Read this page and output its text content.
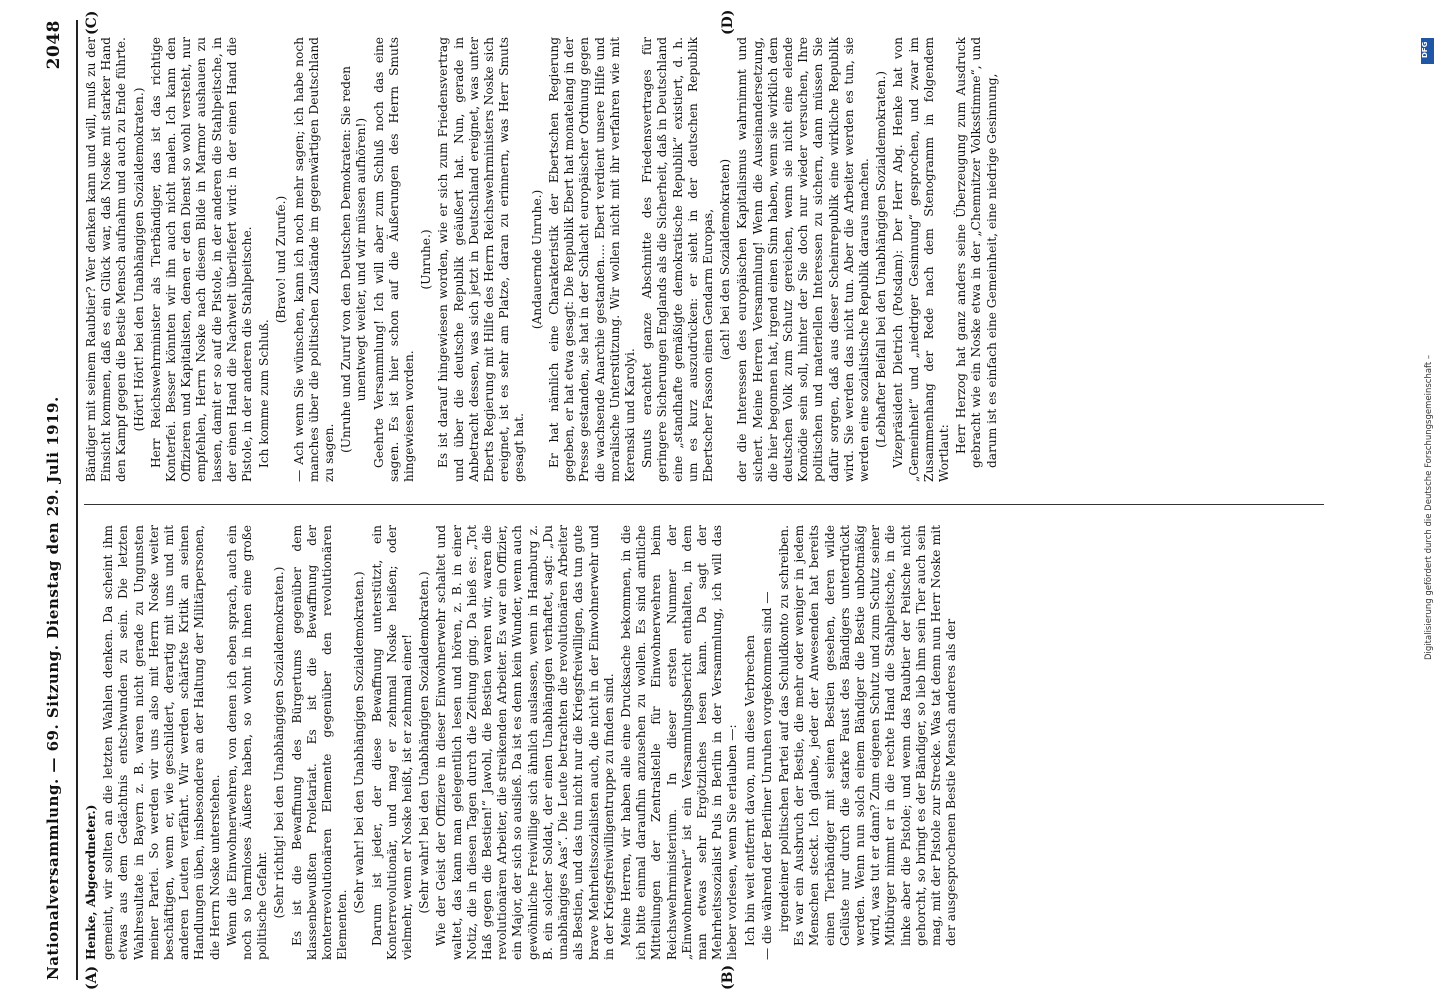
Nationalversammlung. — 69. Sitzung. Dienstag den 29. Juli 1919.
2048
(A)	(B)
(C)	(D)

Henke, Abgeordneter.) gemeint, wir sollten an die letzten Wahlen denken. Da scheint ihm etwas aus dem Gedächtnis entschwunden zu sein. Die letzten Wahlresultate in Bayern z. B. waren nicht gerade zu Ungunsten meiner Partei. So werden wir uns also mit Herrn Noske weiter beschäftigen, wenn er, wie geschildert, derartig mit uns und mit anderen Leuten verfährt. Wir werden schärfste Kritik an seinen Handlungen üben, insbesondere an der Haltung der Militärpersonen, die Herrn Noske unterstehen. Wenn die Einwohnerwehren, von denen ich eben sprach, auch ein noch so harmloses Äußere haben, so wohnt in ihnen eine große politische Gefahr. (Sehr richtig! bei den Unabhängigen Sozialdemokraten.) Es ist die Bewaffnung des Bürgertums gegenüber dem klassenbewußten Proletariat. Es ist die Bewaffnung der konterrevolutionären Elemente gegenüber den revolutionären Elementen.

(Sehr wahr! bei den Unabhängigen Sozialdemokraten.) Darum ist jeder, der diese Bewaffnung unterstützt, ein Konterrevolutionär, und mag er zehnmal Noske heißen; oder vielmehr, wenn er Noske heißt, ist er zehnmal einer! (Sehr wahr! bei den Unabhängigen Sozialdemokraten.) Wie der Geist der Offiziere in dieser Einwohnerwehr schaltet und waltet, das kann man gelegentlich lesen und hören, z. B. in einer Notiz, die in diesen Tagen durch die Zeitung ging. Da hieß es: „Tot Haß gegen die Bestien!“ Jawohl, die Bestien waren wir, waren die revolutionären Arbeiter, die streikenden Arbeiter. Es war ein Offizier, ein Major, der sich so ausließ. Da ist es denn kein Wunder, wenn auch gewöhnliche Freiwillige sich ähnlich auslassen, wenn in Hamburg z. B. ein solcher Soldat, der einen Unabhängigen verhaftet, sagt: „Du unabhängiges Aas“. Die Leute betrachten die revolutionären Arbeiter als Bestien, und das tun nicht nur die Kriegsfreiwilligen, das tun gute brave Mehrheitssozialisten auch, die nicht in der Einwohnerwehr und in der Kriegsfreiwilligentruppe zu finden sind. Meine Herren, wir haben alle eine Drucksache bekommen, in die ich bitte einmal daraufhin anzusehen zu wollen. Es sind amtliche Mitteilungen der Zentralstelle für Einwohnerwehren beim Reichswehrministerium. In dieser ersten Nummer der „Einwohnerwehr“ ist ein Versammlungsbericht enthalten, in dem man etwas sehr Ergötzliches lesen kann. Da sagt der Mehrheitssozialist Puls in Berlin in der Versammlung, ich will das lieber vorlesen, wenn Sie erlauben —: Ich bin weit entfernt davon, nun diese Verbrechen — die während der Berliner Unruhen vorgekommen sind — irgendeiner politischen Partei auf das Schuldkonto zu schreiben. Es war ein Ausbruch der Bestie, die mehr oder weniger in jedem Menschen steckt. Ich glaube, jeder der Anwesenden hat bereits einen Tierbändiger mit seinen Bestien gesehen, deren wilde Gelüste nur durch die starke Faust des Bändigers unterdrückt werden. Wenn nun solch einem Bändiger die Bestie unbotmäßig wird, was tut er dann? Zum eigenen Schutz und zum Schutz seiner Mitbürger nimmt er in die rechte Hand die Stahlpeitsche, in die linke aber die Pistole; und wenn das Raubtier der Peitsche nicht gehorcht, so bringt es der Bändiger, so lieb ihm sein Tier auch sein mag, mit der Pistole zur Strecke. Was tat denn nun Herr Noske mit der ausgesprochenen Bestie Mensch anderes als der

Bändiger mit seinem Raubtier? Wer denken kann und will, muß zu der Einsicht kommen, daß es ein Glück war, daß Noske mit starker Hand den Kampf gegen die Bestie Mensch aufnahm und auch zu Ende führte. (Hört! Hört! bei den Unabhängigen Sozialdemokraten.) Herr Reichswehrminister als Tierbändiger, das ist das richtige Konterfei. Besser könnten wir ihn auch nicht malen. Ich kann den Offizieren und Kapitalisten, denen er den Dienst so wohl versteht, nur empfehlen, Herrn Noske nach diesem Bilde in Marmor aushauen zu lassen, damit er so auf die Pistole, in der anderen die Stahlpeitsche, in der einen Hand die Nachwelt überliefert wird: in der einen Hand die Pistole, in der anderen die Stahlpeitsche. Ich komme zum Schluß.

(Bravo! und Zurufe.) — Ach wenn Sie wünschen, kann ich noch mehr sagen; ich habe noch manches über die politischen Zustände im gegenwärtigen Deutschland zu sagen. (Unruhe und Zuruf von den Deutschen Demokraten: Sie reden unentwegt weiter, und wir müssen aufhören!) Geehrte Versammlung! Ich will aber zum Schluß noch das eine sagen. Es ist hier schon auf die Äußerungen des Herrn Smuts hingewiesen worden.

(Unruhe.) Es ist darauf hingewiesen worden, wie er sich zum Friedensvertrag und über die deutsche Republik geäußert hat. Nun, gerade in Anbetracht dessen, was sich jetzt in Deutschland ereignet, was unter Eberts Regierung mit Hilfe des Herrn Reichswehrministers Noske sich ereignet, ist es sehr am Platze, daran zu erinnern, was Herr Smuts gesagt hat.

(Andauernde Unruhe.) Er hat nämlich eine Charakteristik der Ebertschen Regierung gegeben, er hat etwa gesagt: Die Republik Ebert hat monatelang in der Presse gestanden, sie hat in der Schlacht europäischer Ordnung gegen die wachsende Anarchie gestanden.... Ebert verdient unsere Hilfe und moralische Unterstützung. Wir wollen nicht mit ihr verfahren wie mit Kerenski und Karolyi. Smuts erachtet ganze Abschnitte des Friedensvertrages für geringere Sicherungen Englands als die Sicherheit, daß in Deutschland eine „standhafte gemäßigte demokratische Republik“ existiert, d. h. um es kurz auszudrücken: er sieht in der deutschen Republik Ebertscher Fasson einen Gendarm Europas, (ach! bei den Sozialdemokraten) der die Interessen des europäischen Kapitalismus wahrnimmt und sichert. Meine Herren Versammlung! Wenn die Auseinandersetzung, die hier begonnen hat, irgend einen Sinn haben, wenn sie wirklich dem deutschen Volk zum Schutz gereichen, wenn sie nicht eine elende Komödie sein soll, hinter der Sie doch nur wieder versuchen, Ihre politischen und materiellen Interessen zu sichern, dann müssen Sie dafür sorgen, daß aus dieser Scheinrepublik eine wirkliche Republik wird. Sie werden das nicht tun. Aber die Arbeiter werden es tun, sie werden eine sozialistische Republik daraus machen. (Lebhafter Beifall bei den Unabhängigen Sozialdemokraten.) Vizepräsident Dietrich (Potsdam): Der Herr Abg. Henke hat von „Gemeinheit“ und „niedriger Gesinnung“ gesprochen, und zwar im Zusammenhang der Rede nach dem Stenogramm in folgendem Wortlaut: Herr Herzog hat ganz anders seine Überzeugung zum Ausdruck gebracht wie ein Noske etwa in der „Chemnitzer Volksstimme“, und darum ist es einfach eine Gemeinheit, eine niedrige Gesinnung,

DFG
Digitalisierung gefördert durch die Deutsche Forschungsgemeinschaft –
